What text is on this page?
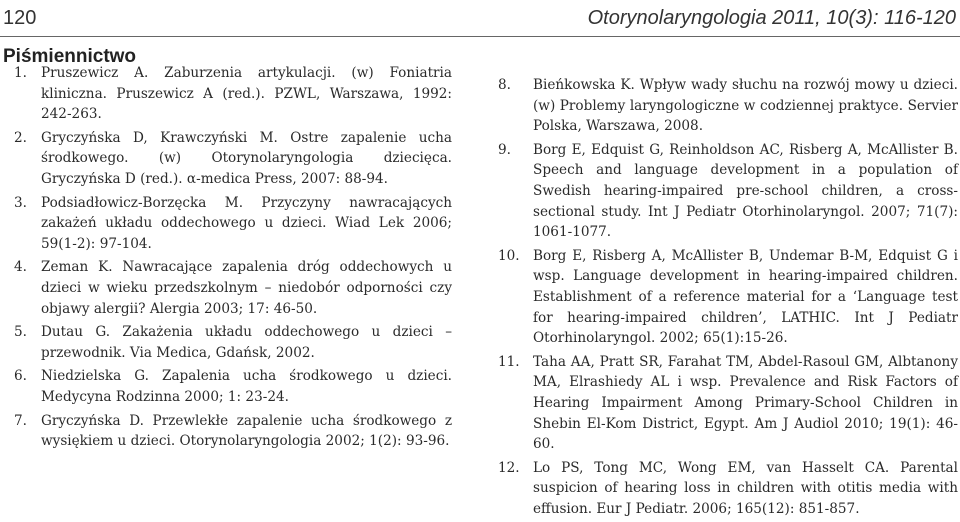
120	Otorynolaryngologia 2011, 10(3): 116-120
Piśmiennictwo
1. Pruszewicz A. Zaburzenia artykulacji. (w) Foniatria kliniczna. Pruszewicz A (red.). PZWL, Warszawa, 1992: 242-263.
2. Gryczyńska D, Krawczyński M. Ostre zapalenie ucha środkowego. (w) Otorynolaryngologia dziecięca. Gryczyńska D (red.). α-medica Press, 2007: 88-94.
3. Podsiadłowicz-Borzęcka M. Przyczyny nawracających zakażeń układu oddechowego u dzieci. Wiad Lek 2006; 59(1-2): 97-104.
4. Zeman K. Nawracające zapalenia dróg oddechowych u dzieci w wieku przedszkolnym – niedobór odporności czy objawy alergii? Alergia 2003; 17: 46-50.
5. Dutau G. Zakażenia układu oddechowego u dzieci – przewodnik. Via Medica, Gdańsk, 2002.
6. Niedzielska G. Zapalenia ucha środkowego u dzieci. Medycyna Rodzinna 2000; 1: 23-24.
7. Gryczyńska D. Przewlekłe zapalenie ucha środkowego z wysiękiem u dzieci. Otorynolaryngologia 2002; 1(2): 93-96.
8. Bieńkowska K. Wpływ wady słuchu na rozwój mowy u dzieci. (w) Problemy laryngologiczne w codziennej praktyce. Servier Polska, Warszawa, 2008.
9. Borg E, Edquist G, Reinholdson AC, Risberg A, McAllister B. Speech and language development in a population of Swedish hearing-impaired pre-school children, a cross-sectional study. Int J Pediatr Otorhinolaryngol. 2007; 71(7): 1061-1077.
10. Borg E, Risberg A, McAllister B, Undemar B-M, Edquist G i wsp. Language development in hearing-impaired children. Establishment of a reference material for a ‘Language test for hearing-impaired children’, LATHIC. Int J Pediatr Otorhinolaryngol. 2002; 65(1):15-26.
11. Taha AA, Pratt SR, Farahat TM, Abdel-Rasoul GM, Albtanony MA, Elrashiedy AL i wsp. Prevalence and Risk Factors of Hearing Impairment Among Primary-School Children in Shebin El-Kom District, Egypt. Am J Audiol 2010; 19(1): 46-60.
12. Lo PS, Tong MC, Wong EM, van Hasselt CA. Parental suspicion of hearing loss in children with otitis media with effusion. Eur J Pediatr. 2006; 165(12): 851-857.
